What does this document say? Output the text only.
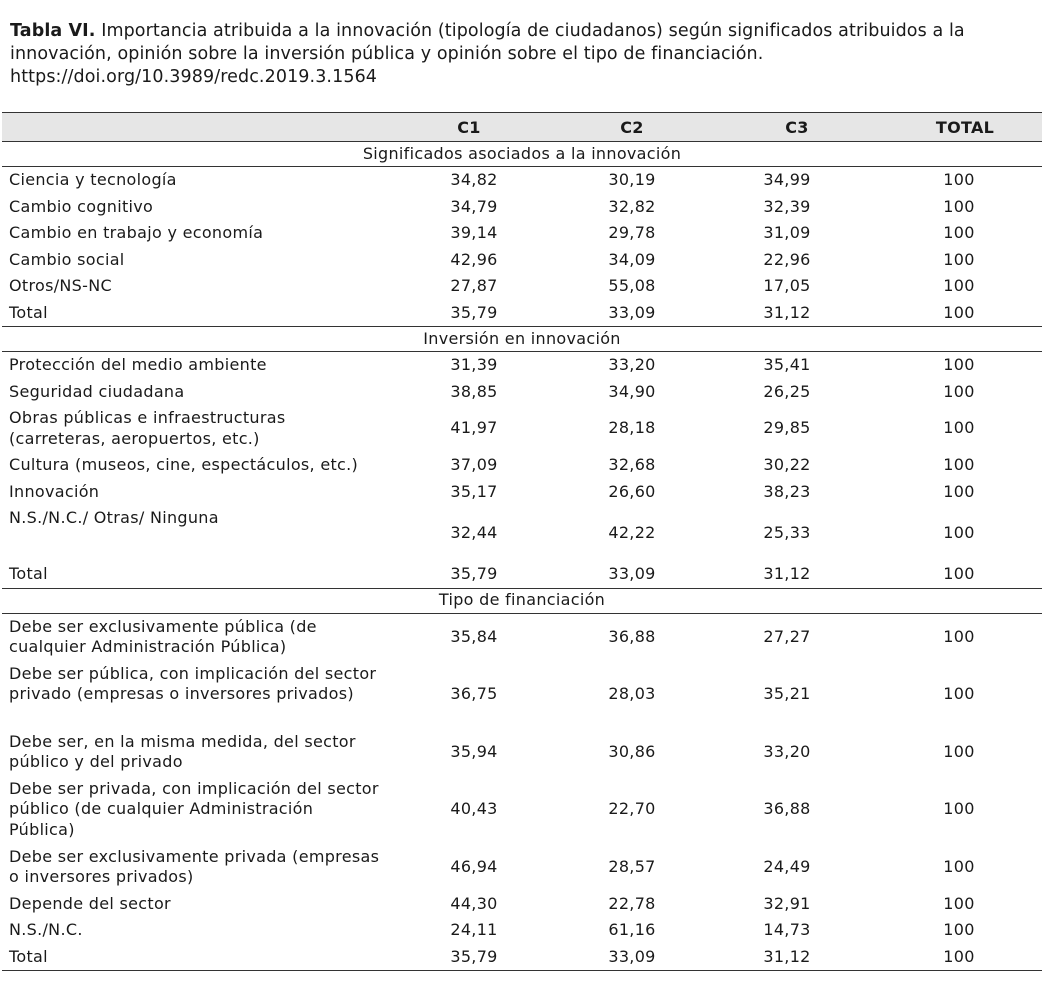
Tabla VI. Importancia atribuida a la innovación (tipología de ciudadanos) según significados atribuidos a la innovación, opinión sobre la inversión pública y opinión sobre el tipo de financiación. https://doi.org/10.3989/redc.2019.3.1564
	C1	C2	C3	TOTAL
Significados asociados a la innovación				
Ciencia y tecnología	34,82	30,19	34,99	100
Cambio cognitivo	34,79	32,82	32,39	100
Cambio en trabajo y economía	39,14	29,78	31,09	100
Cambio social	42,96	34,09	22,96	100
Otros/NS-NC	27,87	55,08	17,05	100
Total	35,79	33,09	31,12	100
Inversión en innovación				
Protección del medio ambiente	31,39	33,20	35,41	100
Seguridad ciudadana	38,85	34,90	26,25	100
Obras públicas e infraestructuras (carreteras, aeropuertos, etc.)	41,97	28,18	29,85	100
Cultura (museos, cine, espectáculos, etc.)	37,09	32,68	30,22	100
Innovación	35,17	26,60	38,23	100
N.S./N.C./ Otras/ Ninguna	32,44	42,22	25,33	100
Total	35,79	33,09	31,12	100
Tipo de financiación				
Debe ser exclusivamente pública (de cualquier Administración Pública)	35,84	36,88	27,27	100
Debe ser pública, con implicación del sector privado (empresas o inversores privados)	36,75	28,03	35,21	100
Debe ser, en la misma medida, del sector público y del privado	35,94	30,86	33,20	100
Debe ser privada, con implicación del sector público (de cualquier Administración Pública)	40,43	22,70	36,88	100
Debe ser exclusivamente privada (empresas o inversores privados)	46,94	28,57	24,49	100
Depende del sector	44,30	22,78	32,91	100
N.S./N.C.	24,11	61,16	14,73	100
Total	35,79	33,09	31,12	100
